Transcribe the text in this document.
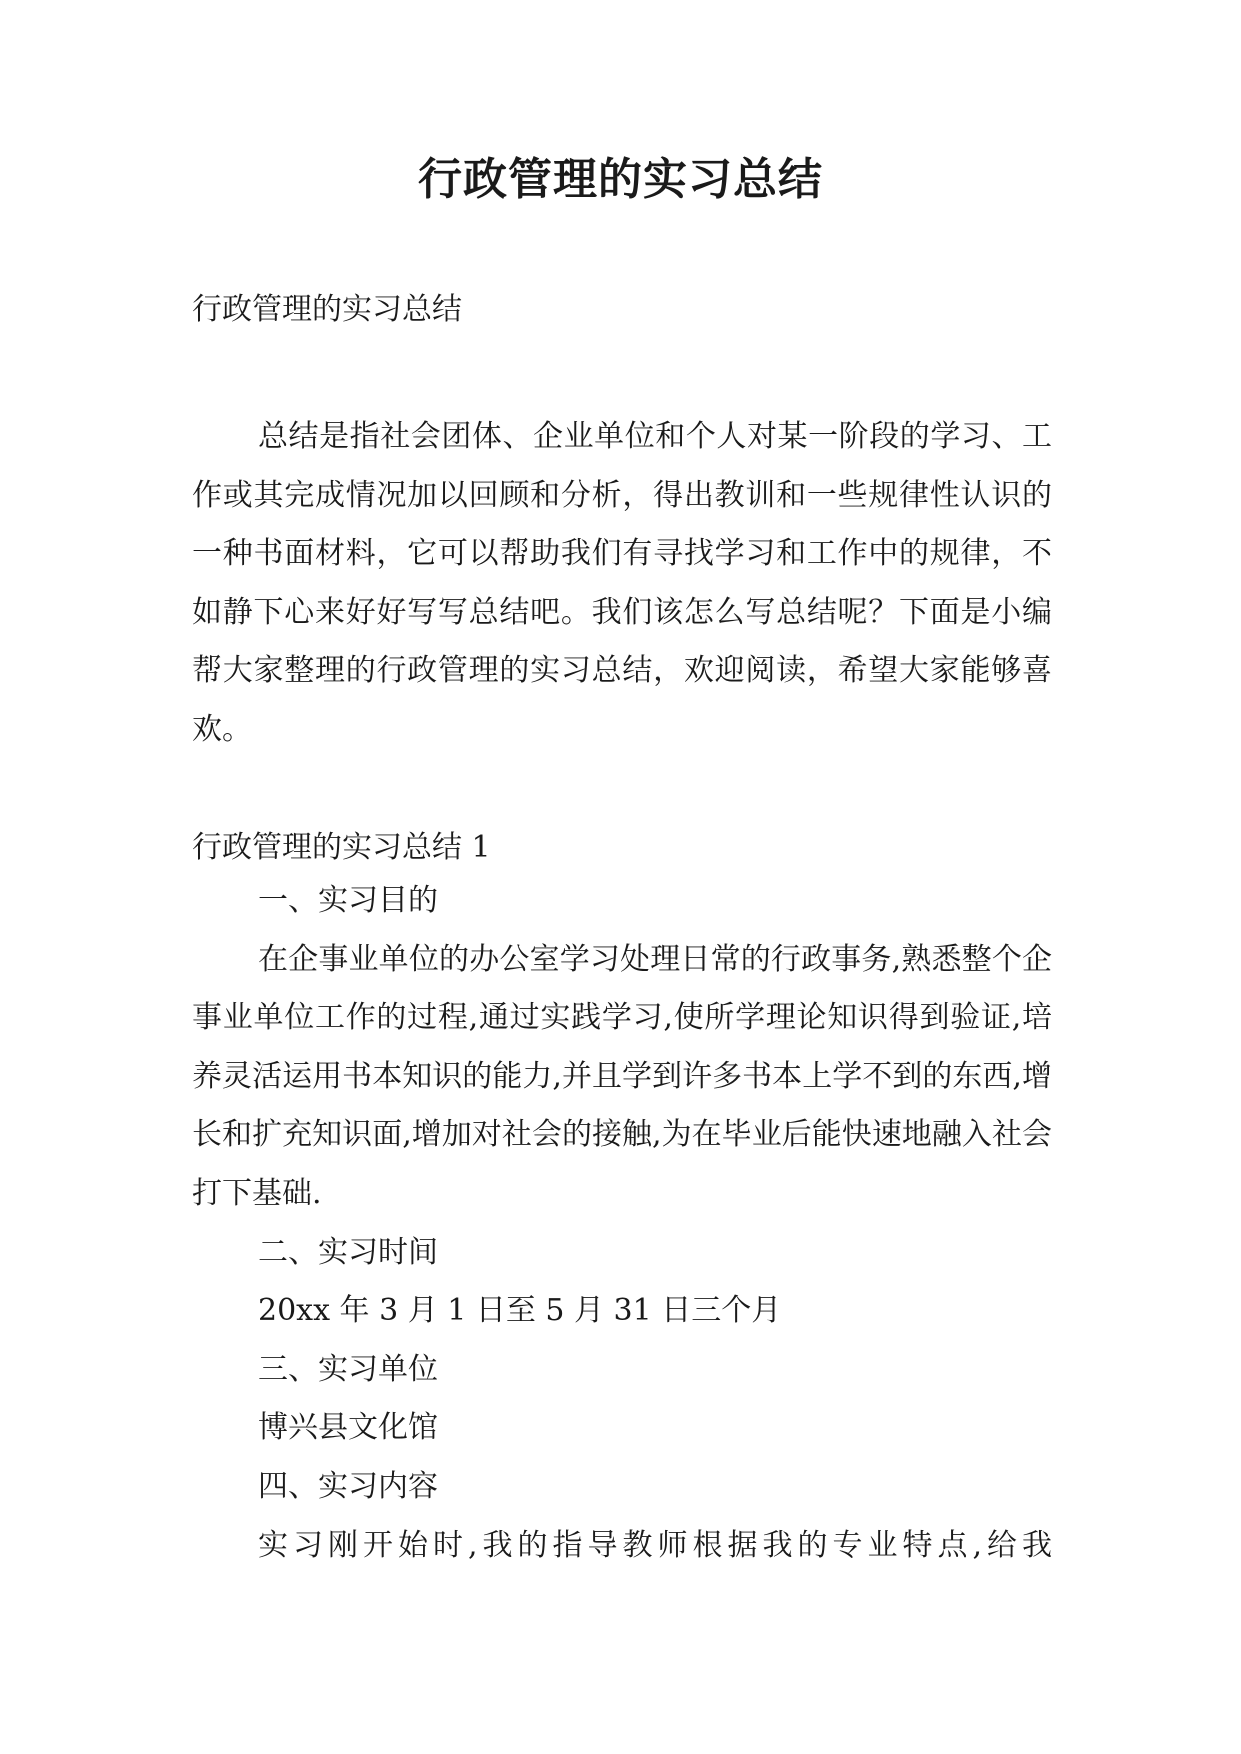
行政管理的实习总结
行政管理的实习总结

总结是指社会团体、企业单位和个人对某一阶段的学习、工作或其完成情况加以回顾和分析，得出教训和一些规律性认识的一种书面材料，它可以帮助我们有寻找学习和工作中的规律，不如静下心来好好写写总结吧。我们该怎么写总结呢？下面是小编帮大家整理的行政管理的实习总结，欢迎阅读，希望大家能够喜欢。

行政管理的实习总结 1
一、实习目的

在企事业单位的办公室学习处理日常的行政事务,熟悉整个企事业单位工作的过程,通过实践学习,使所学理论知识得到验证,培养灵活运用书本知识的能力,并且学到许多书本上学不到的东西,增长和扩充知识面,增加对社会的接触,为在毕业后能快速地融入社会打下基础.

二、实习时间
20xx 年 3 月 1 日至 5 月 31 日三个月
三、实习单位
博兴县文化馆
四、实习内容

实习刚开始时,我的指导教师根据我的专业特点,给我
